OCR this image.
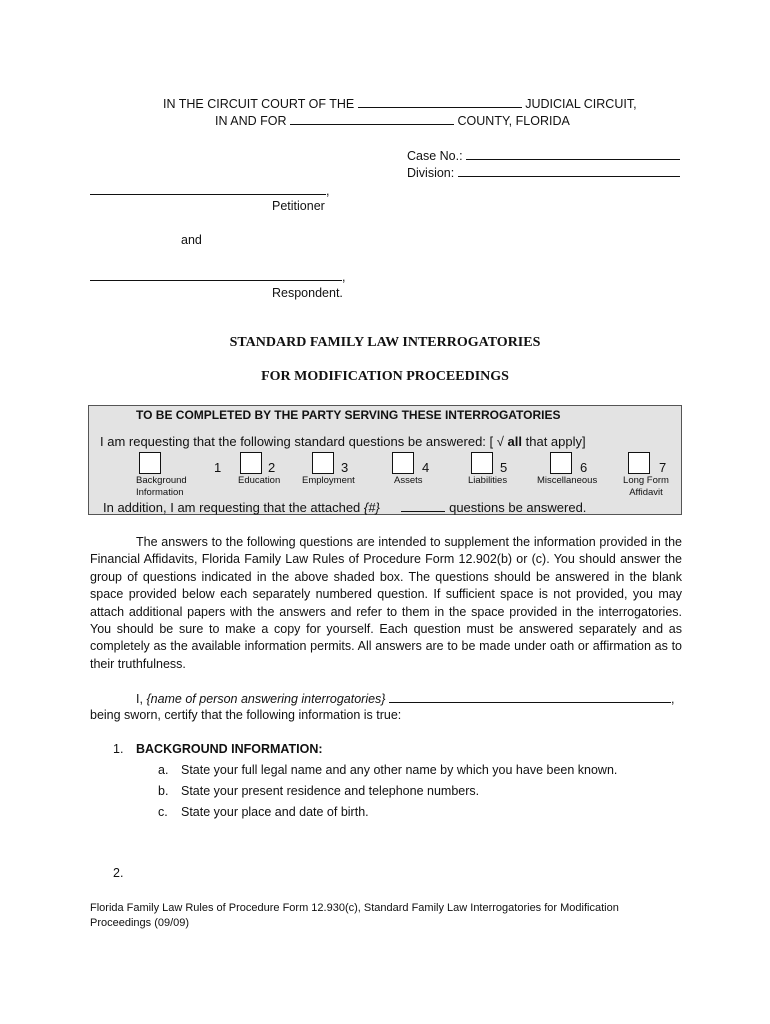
IN THE CIRCUIT COURT OF THE	JUDICIAL CIRCUIT,
IN AND FOR	COUNTY, FLORIDA
Case No.:
Division:
,
Petitioner
and
,
Respondent.
STANDARD FAMILY LAW INTERROGATORIES
FOR MODIFICATION PROCEEDINGS
TO BE COMPLETED BY THE PARTY SERVING THESE INTERROGATORIES
I am requesting that the following standard questions be answered: [ √ all that apply]
1
Background
Information
2
Education
3
Employment
4
Assets
5
Liabilities
6
Miscellaneous
7
Long Form
Affidavit
In addition, I am requesting that the attached {#}	questions be answered.

The answers to the following questions are intended to supplement the information provided in the Financial Affidavits, Florida Family Law Rules of Procedure Form 12.902(b) or (c). You should answer the group of questions indicated in the above shaded box. The questions should be answered in the blank space provided below each separately numbered question. If sufficient space is not provided, you may attach additional papers with the answers and refer to them in the space provided in the interrogatories. You should be sure to make a copy for yourself. Each question must be answered separately and as completely as the available information permits. All answers are to be made under oath or affirmation as to their truthfulness.

I, {name of person answering interrogatories}	,
being sworn, certify that the following information is true:
1. BACKGROUND INFORMATION:
a. State your full legal name and any other name by which you have been known.
b. State your present residence and telephone numbers.
c. State your place and date of birth.
2.
Florida Family Law Rules of Procedure Form 12.930(c), Standard Family Law Interrogatories for Modification
Proceedings (09/09)
